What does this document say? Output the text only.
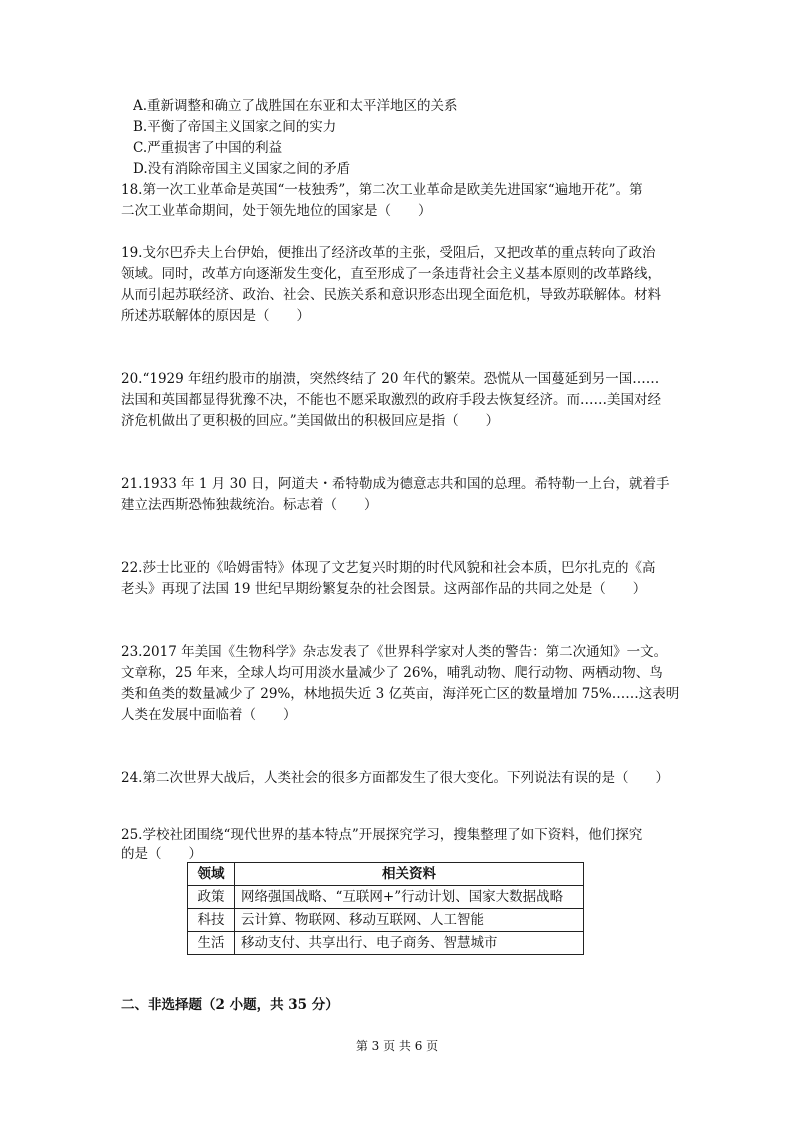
A.重新调整和确立了战胜国在东亚和太平洋地区的关系
B.平衡了帝国主义国家之间的实力
C.严重损害了中国的利益
D.没有消除帝国主义国家之间的矛盾
18.第一次工业革命是英国“一枝独秀”，第二次工业革命是欧美先进国家“遍地开花”。第
二次工业革命期间，处于领先地位的国家是（　　）
19.戈尔巴乔夫上台伊始，便推出了经济改革的主张，受阻后，又把改革的重点转向了政治
领域。同时，改革方向逐渐发生变化，直至形成了一条违背社会主义基本原则的改革路线，
从而引起苏联经济、政治、社会、民族关系和意识形态出现全面危机，导致苏联解体。材料
所述苏联解体的原因是（　　）
20.“1929 年纽约股市的崩溃，突然终结了 20 年代的繁荣。恐慌从一国蔓延到另一国……
法国和英国都显得犹豫不决，不能也不愿采取激烈的政府手段去恢复经济。而……美国对经
济危机做出了更积极的回应。”美国做出的积极回应是指（　　）
21.1933 年 1 月 30 日，阿道夫・希特勒成为德意志共和国的总理。希特勒一上台，就着手
建立法西斯恐怖独裁统治。标志着（　　）
22.莎士比亚的《哈姆雷特》体现了文艺复兴时期的时代风貌和社会本质，巴尔扎克的《高
老头》再现了法国 19 世纪早期纷繁复杂的社会图景。这两部作品的共同之处是（　　）
23.2017 年美国《生物科学》杂志发表了《世界科学家对人类的警告：第二次通知》一文。
文章称，25 年来，全球人均可用淡水量减少了 26%，哺乳动物、爬行动物、两栖动物、鸟
类和鱼类的数量减少了 29%，林地损失近 3 亿英亩，海洋死亡区的数量增加 75%……这表明
人类在发展中面临着（　　）
24.第二次世界大战后，人类社会的很多方面都发生了很大变化。下列说法有误的是（　　）
25.学校社团围绕“现代世界的基本特点”开展探究学习，搜集整理了如下资料，他们探究
的是（　　）
领域	相关资料
政策	网络强国战略、“互联网+”行动计划、国家大数据战略
科技	云计算、物联网、移动互联网、人工智能
生活	移动支付、共享出行、电子商务、智慧城市
二、非选择题（2 小题，共 35 分）
第 3 页 共 6 页
